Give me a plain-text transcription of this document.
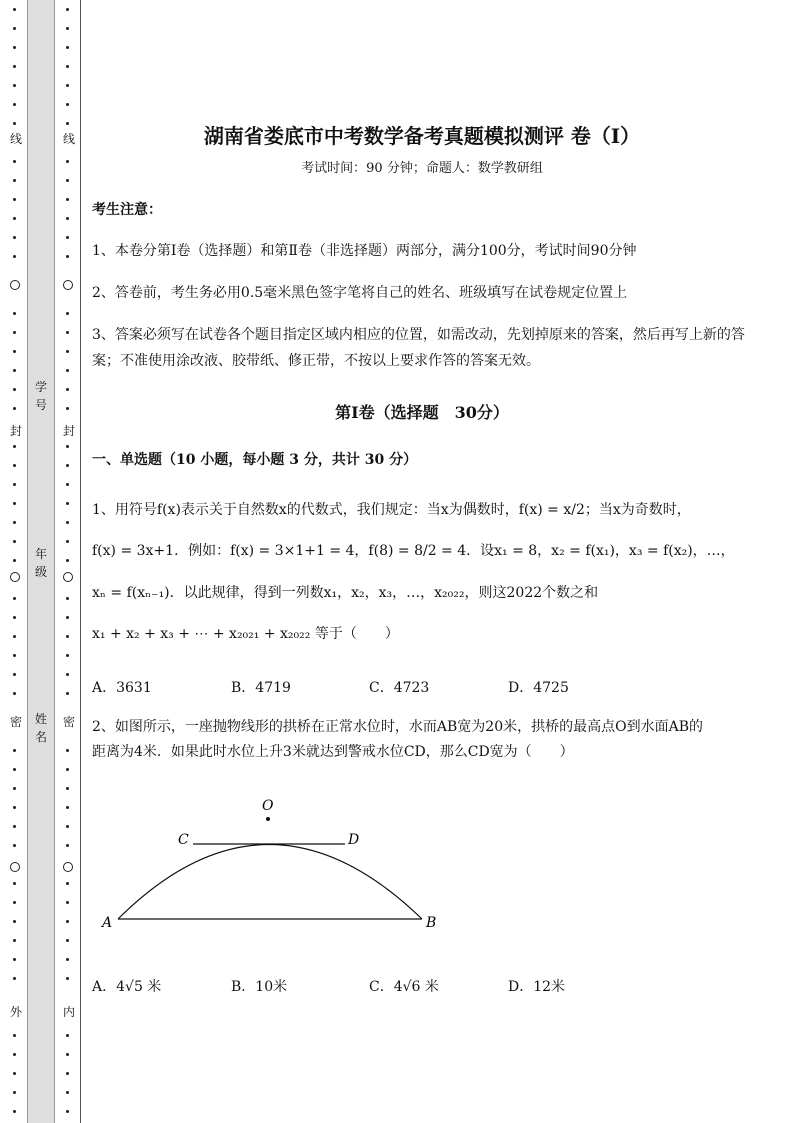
线
封
密
外
学号
年级
姓名
线
封
密
内
湖南省娄底市中考数学备考真题模拟测评 卷（Ⅰ）
考试时间：90 分钟；命题人：数学教研组
考生注意：
1、本卷分第Ⅰ卷（选择题）和第Ⅱ卷（非选择题）两部分，满分100分，考试时间90分钟
2、答卷前，考生务必用0.5毫米黑色签字笔将自己的姓名、班级填写在试卷规定位置上
3、答案必须写在试卷各个题目指定区域内相应的位置，如需改动，先划掉原来的答案，然后再写上新的答案；不准使用涂改液、胶带纸、修正带，不按以上要求作答的答案无效。
第Ⅰ卷（选择题　30分）
一、单选题（10 小题，每小题 3 分，共计 30 分）
1、用符号f(x)表示关于自然数x的代数式，我们规定：当x为偶数时，f(x) = x/2；当x为奇数时，
f(x) = 3x+1．例如：f(x) = 3×1+1 = 4，f(8) = 8/2 = 4．设x₁ = 8，x₂ = f(x₁)，x₃ = f(x₂)，…，
xₙ = f(xₙ₋₁)．以此规律，得到一列数x₁，x₂，x₃，…，x₂₀₂₂，则这2022个数之和
x₁ + x₂ + x₃ + ⋯ + x₂₀₂₁ + x₂₀₂₂ 等于（　　）
A．3631	B．4719	C．4723	D．4725
2、如图所示，一座抛物线形的拱桥在正常水位时，水而AB宽为20米，拱桥的最高点O到水面AB的
距离为4米．如果此时水位上升3米就达到警戒水位CD，那么CD宽为（　　）
O
C	D
A	B
A．4√5 米	B．10米	C．4√6 米	D．12米
